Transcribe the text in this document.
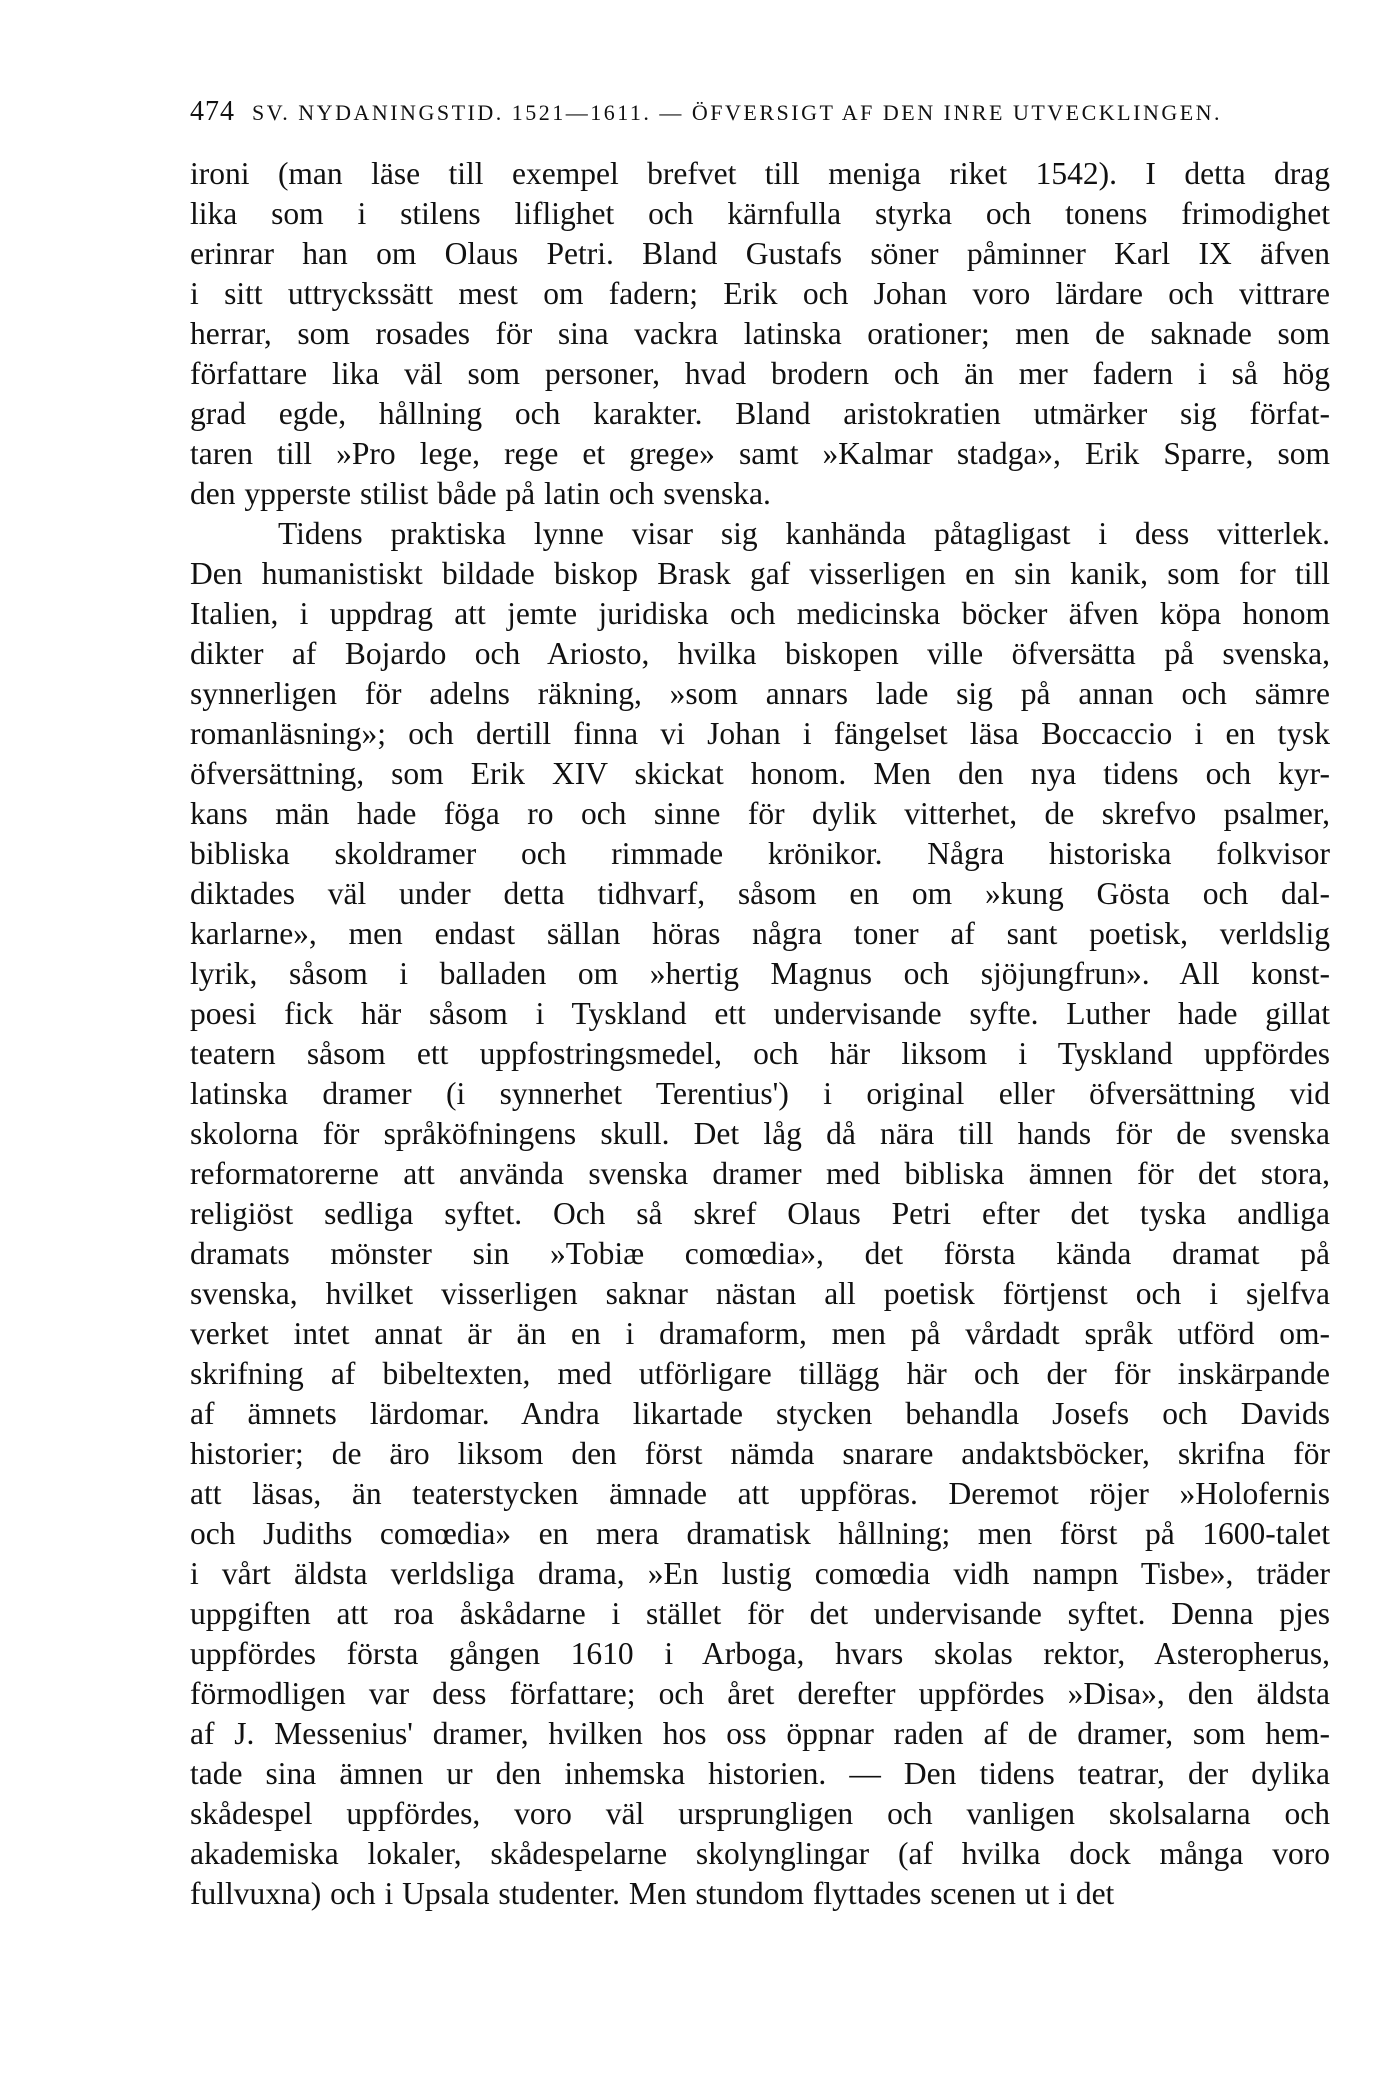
474 SV. NYDANINGSTID. 1521—1611. — ÖFVERSIGT AF DEN INRE UTVECKLINGEN.
ironi (man läse till exempel brefvet till meniga riket 1542). I detta drag
lika som i stilens liflighet och kärnfulla styrka och tonens frimodighet
erinrar han om Olaus Petri. Bland Gustafs söner påminner Karl IX äfven
i sitt uttryckssätt mest om fadern; Erik och Johan voro lärdare och vittrare
herrar, som rosades för sina vackra latinska orationer; men de saknade som
författare lika väl som personer, hvad brodern och än mer fadern i så hög
grad egde, hållning och karakter. Bland aristokratien utmärker sig förfat-
taren till »Pro lege, rege et grege» samt »Kalmar stadga», Erik Sparre, som
den ypperste stilist både på latin och svenska.
Tidens praktiska lynne visar sig kanhända påtagligast i dess vitterlek.
Den humanistiskt bildade biskop Brask gaf visserligen en sin kanik, som for till
Italien, i uppdrag att jemte juridiska och medicinska böcker äfven köpa honom
dikter af Bojardo och Ariosto, hvilka biskopen ville öfversätta på svenska,
synnerligen för adelns räkning, »som annars lade sig på annan och sämre
romanläsning»; och dertill finna vi Johan i fängelset läsa Boccaccio i en tysk
öfversättning, som Erik XIV skickat honom. Men den nya tidens och kyr-
kans män hade föga ro och sinne för dylik vitterhet, de skrefvo psalmer,
bibliska skoldramer och rimmade krönikor. Några historiska folkvisor
diktades väl under detta tidhvarf, såsom en om »kung Gösta och dal-
karlarne», men endast sällan höras några toner af sant poetisk, verldslig
lyrik, såsom i balladen om »hertig Magnus och sjöjungfrun». All konst-
poesi fick här såsom i Tyskland ett undervisande syfte. Luther hade gillat
teatern såsom ett uppfostringsmedel, och här liksom i Tyskland uppfördes
latinska dramer (i synnerhet Terentius') i original eller öfversättning vid
skolorna för språköfningens skull. Det låg då nära till hands för de svenska
reformatorerne att använda svenska dramer med bibliska ämnen för det stora,
religiöst sedliga syftet. Och så skref Olaus Petri efter det tyska andliga
dramats mönster sin »Tobiæ comœdia», det första kända dramat på
svenska, hvilket visserligen saknar nästan all poetisk förtjenst och i sjelfva
verket intet annat är än en i dramaform, men på vårdadt språk utförd om-
skrifning af bibeltexten, med utförligare tillägg här och der för inskärpande
af ämnets lärdomar. Andra likartade stycken behandla Josefs och Davids
historier; de äro liksom den först nämda snarare andaktsböcker, skrifna för
att läsas, än teaterstycken ämnade att uppföras. Deremot röjer »Holofernis
och Judiths comœdia» en mera dramatisk hållning; men först på 1600-talet
i vårt äldsta verldsliga drama, »En lustig comœdia vidh nampn Tisbe», träder
uppgiften att roa åskådarne i stället för det undervisande syftet. Denna pjes
uppfördes första gången 1610 i Arboga, hvars skolas rektor, Asteropherus,
förmodligen var dess författare; och året derefter uppfördes »Disa», den äldsta
af J. Messenius' dramer, hvilken hos oss öppnar raden af de dramer, som hem-
tade sina ämnen ur den inhemska historien. — Den tidens teatrar, der dylika
skådespel uppfördes, voro väl ursprungligen och vanligen skolsalarna och
akademiska lokaler, skådespelarne skolynglingar (af hvilka dock många voro
fullvuxna) och i Upsala studenter. Men stundom flyttades scenen ut i det
